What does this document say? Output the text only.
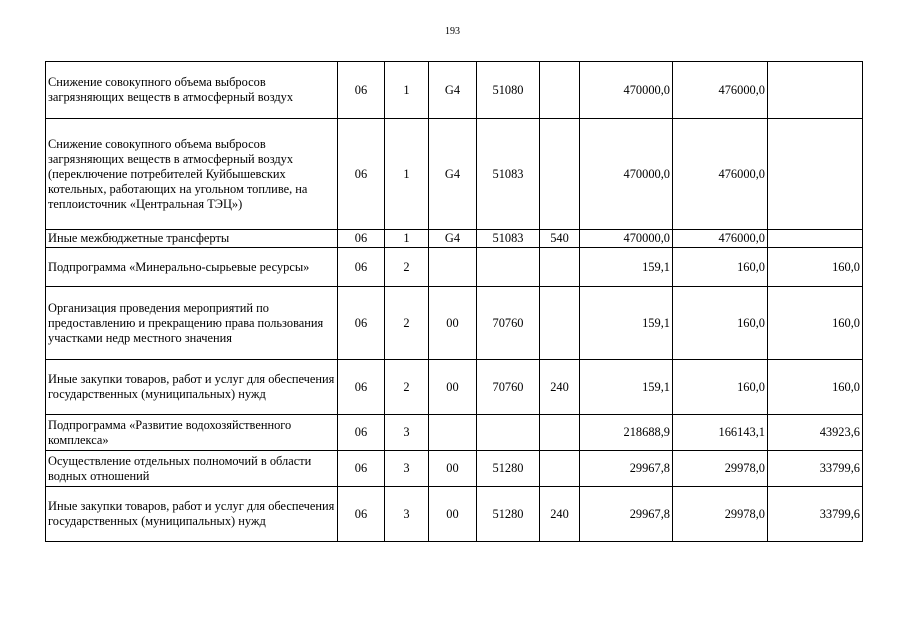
193
Снижение совокупного объема выбросов загрязняющих веществ в атмосферный воздух	06	1	G4	51080		470000,0	476000,0	
Снижение совокупного объема выбросов загрязняющих веществ в атмосферный воздух (переключение потребителей Куйбышевских котельных, работающих на угольном топливе, на теплоисточник «Центральная ТЭЦ»)	06	1	G4	51083		470000,0	476000,0	
Иные межбюджетные трансферты	06	1	G4	51083	540	470000,0	476000,0	
Подпрограмма «Минерально-сырьевые ресурсы»	06	2				159,1	160,0	160,0
Организация проведения мероприятий по предоставлению и прекращению права пользования участками недр местного значения	06	2	00	70760		159,1	160,0	160,0
Иные закупки товаров, работ и услуг для обеспечения государственных (муниципальных) нужд	06	2	00	70760	240	159,1	160,0	160,0
Подпрограмма «Развитие водохозяйственного комплекса»	06	3				218688,9	166143,1	43923,6
Осуществление отдельных полномочий в области водных отношений	06	3	00	51280		29967,8	29978,0	33799,6
Иные закупки товаров, работ и услуг для обеспечения государственных (муниципальных) нужд	06	3	00	51280	240	29967,8	29978,0	33799,6
